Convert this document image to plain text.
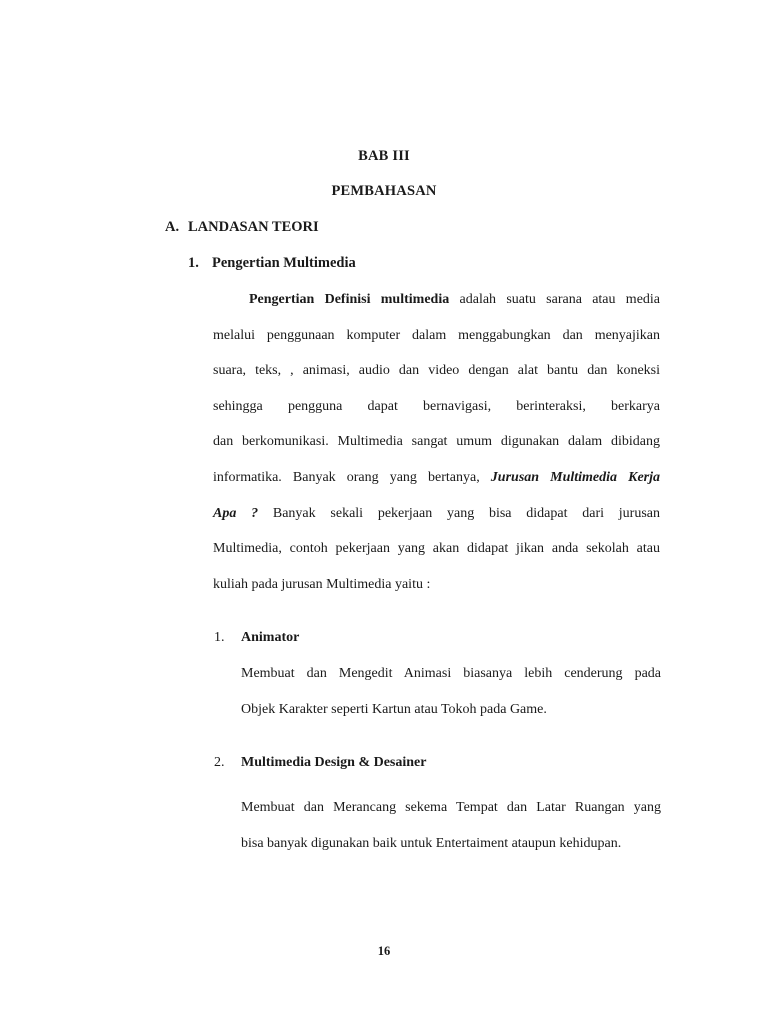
BAB III
PEMBAHASAN
A. LANDASAN TEORI
1. Pengertian Multimedia
Pengertian Definisi multimedia adalah suatu sarana atau media
melalui penggunaan komputer dalam menggabungkan dan menyajikan
suara, teks, , animasi, audio dan video dengan alat bantu dan koneksi
sehingga pengguna dapat bernavigasi, berinteraksi, berkarya
dan berkomunikasi. Multimedia sangat umum digunakan dalam dibidang
informatika. Banyak orang yang bertanya, Jurusan Multimedia Kerja
Apa ? Banyak sekali pekerjaan yang bisa didapat dari jurusan
Multimedia, contoh pekerjaan yang akan didapat jikan anda sekolah atau
kuliah pada jurusan Multimedia yaitu :
1. Animator
Membuat dan Mengedit Animasi biasanya lebih cenderung pada
Objek Karakter seperti Kartun atau Tokoh pada Game.
2. Multimedia Design & Desainer
Membuat dan Merancang sekema Tempat dan Latar Ruangan yang
bisa banyak digunakan baik untuk Entertaiment ataupun kehidupan.
16
